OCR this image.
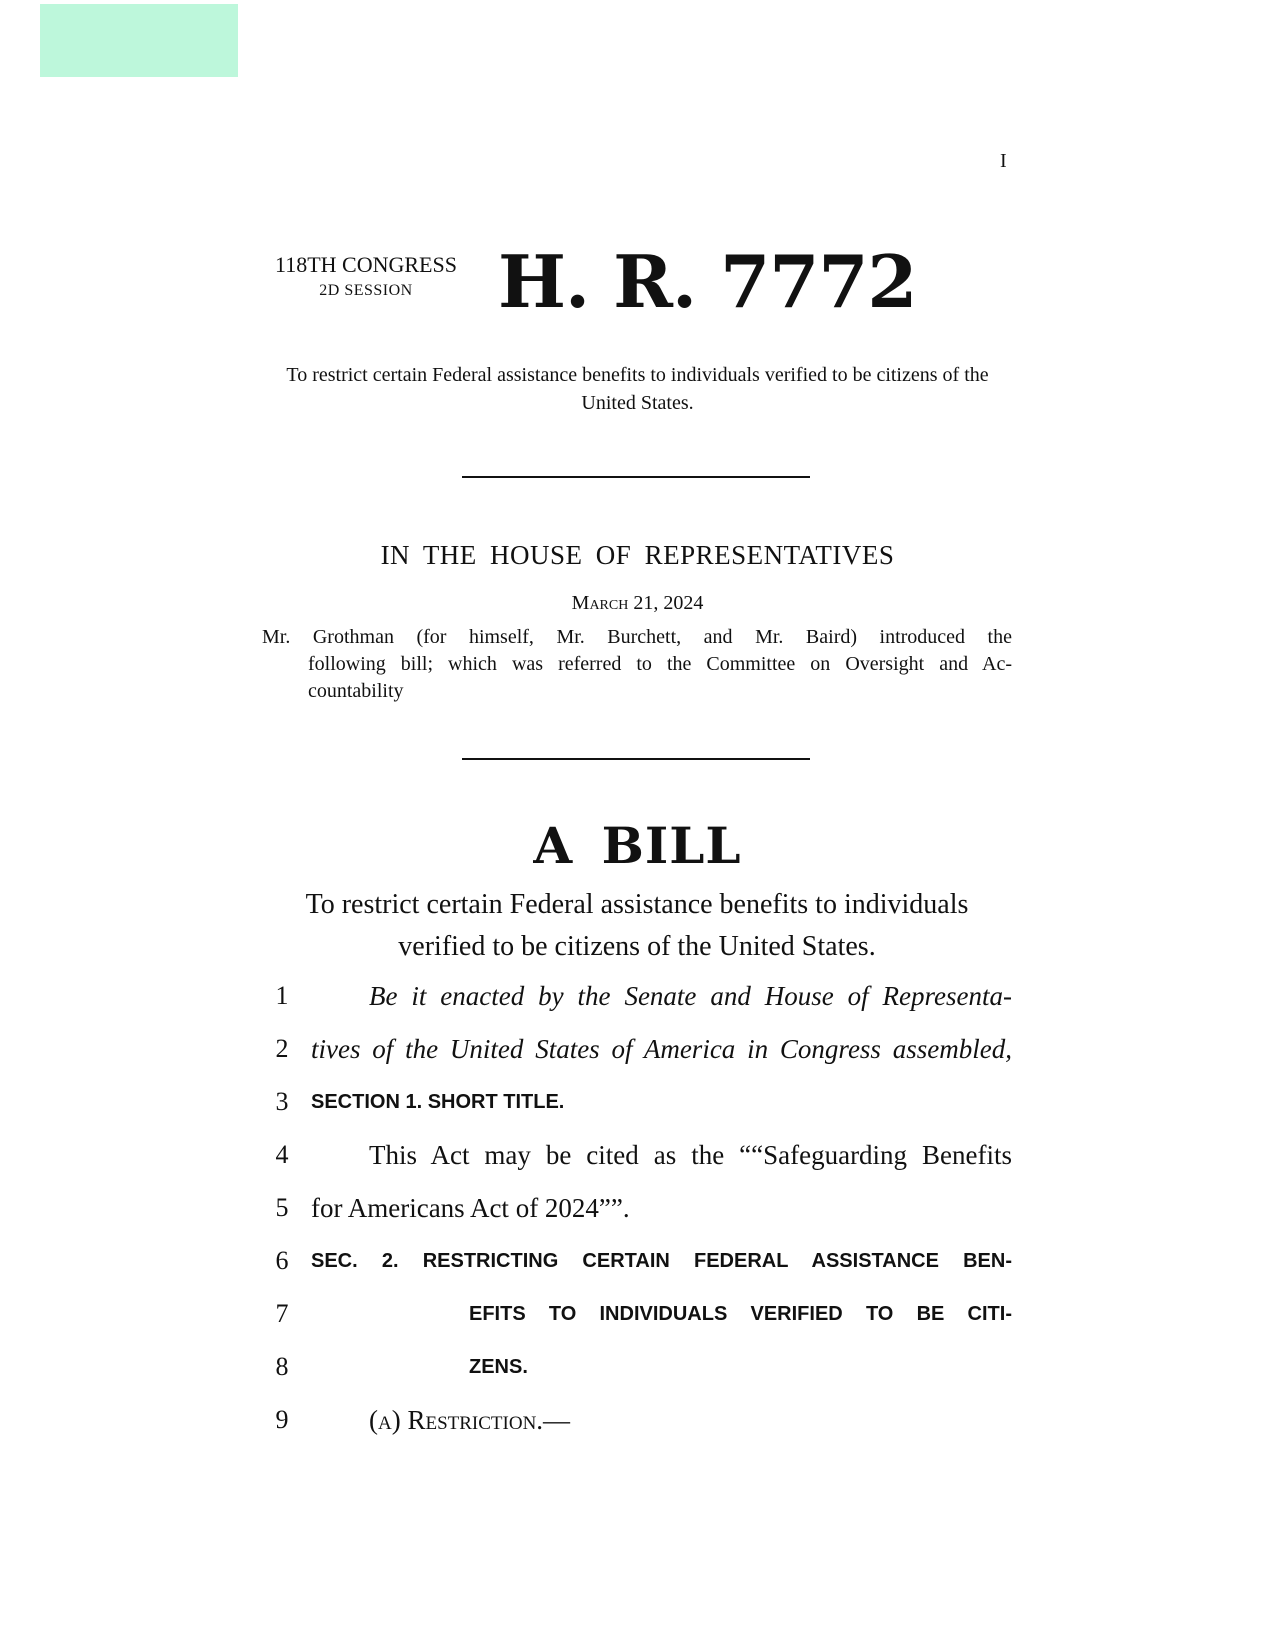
I
118TH CONGRESS
2D SESSION	H. R. 7772
To restrict certain Federal assistance benefits to individuals verified to be citizens of the United States.
IN THE HOUSE OF REPRESENTATIVES
March 21, 2024
Mr. Grothman (for himself, Mr. Burchett, and Mr. Baird) introduced the
following bill; which was referred to the Committee on Oversight and Ac-
countability
A BILL
To restrict certain Federal assistance benefits to individuals verified to be citizens of the United States.
1	Be it enacted by the Senate and House of Representa-
2 tives of the United States of America in Congress assembled,
3	SECTION 1. SHORT TITLE.
4	This Act may be cited as the ““Safeguarding Benefits
5 for Americans Act of 2024””.
6	SEC. 2. RESTRICTING CERTAIN FEDERAL ASSISTANCE BEN-
7	EFITS TO INDIVIDUALS VERIFIED TO BE CITI-
8	ZENS.
9	(a) Restriction.—
